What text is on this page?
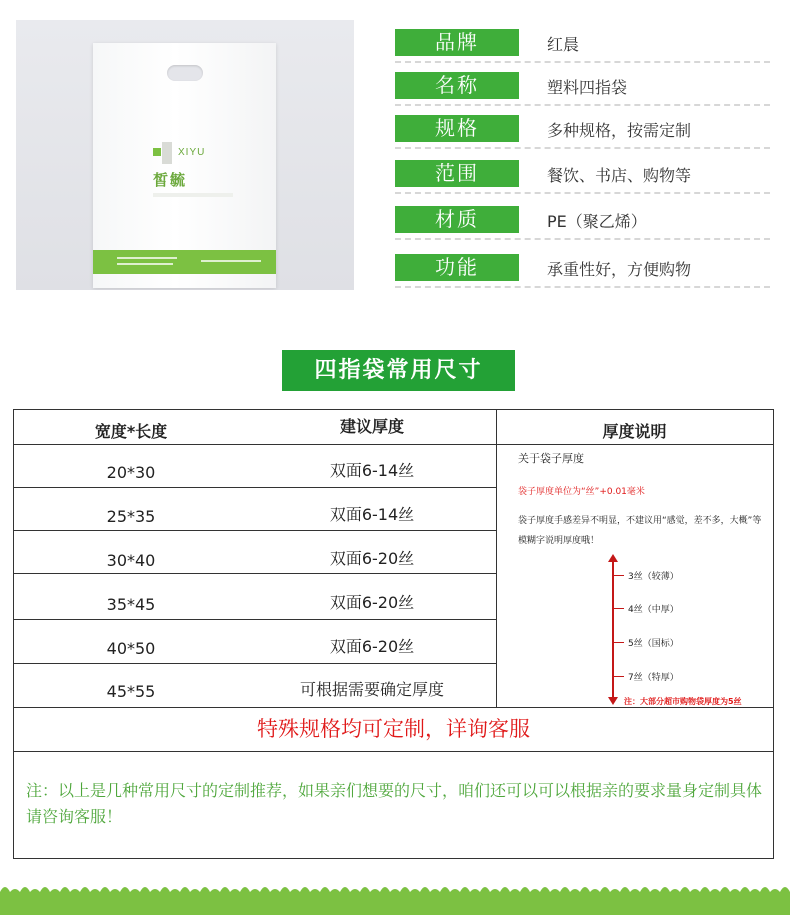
XIYU
皙毓
品牌	红晨
名称	塑料四指袋
规格	多种规格，按需定制
范围	餐饮、书店、购物等
材质	PE（聚乙烯）
功能	承重性好，方便购物
四指袋常用尺寸
宽度*长度	建议厚度	厚度说明
20*30	双面6-14丝
25*35	双面6-14丝
30*40	双面6-20丝
35*45	双面6-20丝
40*50	双面6-20丝
45*55	可根据需要确定厚度
关于袋子厚度
袋子厚度单位为“丝”+0.01毫米
袋子厚度手感差异不明显，不建议用“感觉，差不多，大概”等模糊字说明厚度哦！
3丝（较薄）
4丝（中厚）
5丝（国标）
7丝（特厚）
注：大部分超市购物袋厚度为5丝
特殊规格均可定制，详询客服
注：以上是几种常用尺寸的定制推荐，如果亲们想要的尺寸，咱们还可以可以根据亲的要求量身定制具体请咨询客服！
